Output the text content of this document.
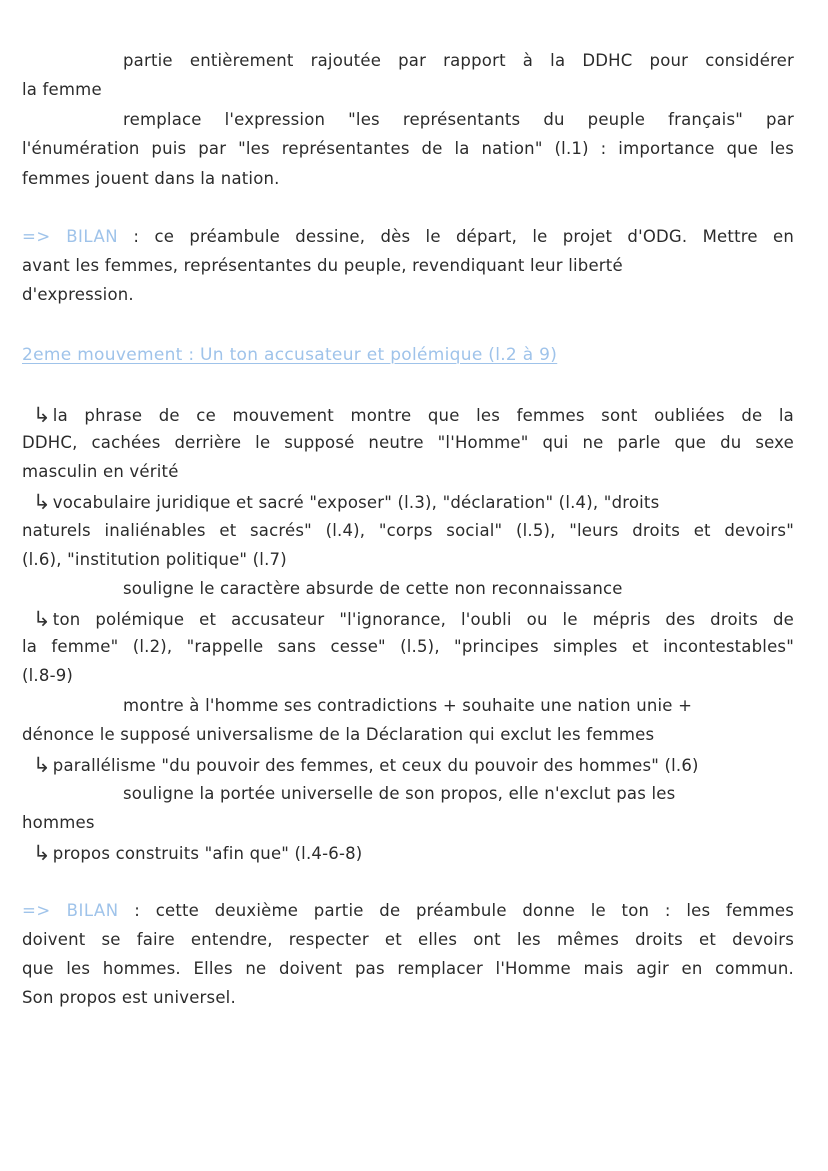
partie entièrement rajoutée par rapport à la DDHC pour considérer
la femme
remplace l'expression "les représentants du peuple français" par
l'énumération puis par "les représentantes de la nation" (l.1) : importance que les
femmes jouent dans la nation.
=> BILAN : ce préambule dessine, dès le départ, le projet d'ODG. Mettre en
avant les femmes, représentantes du peuple, revendiquant leur liberté
d'expression.
2eme mouvement : Un ton accusateur et polémique (l.2 à 9)
↳ la phrase de ce mouvement montre que les femmes sont oubliées de la
DDHC, cachées derrière le supposé neutre "l'Homme" qui ne parle que du sexe
masculin en vérité
↳ vocabulaire juridique et sacré "exposer" (l.3), "déclaration" (l.4), "droits
naturels inaliénables et sacrés" (l.4), "corps social" (l.5), "leurs droits et devoirs"
(l.6), "institution politique" (l.7)
souligne le caractère absurde de cette non reconnaissance
↳ ton polémique et accusateur "l'ignorance, l'oubli ou le mépris des droits de
la femme" (l.2), "rappelle sans cesse" (l.5), "principes simples et incontestables"
(l.8-9)
montre à l'homme ses contradictions + souhaite une nation unie +
dénonce le supposé universalisme de la Déclaration qui exclut les femmes
↳ parallélisme "du pouvoir des femmes, et ceux du pouvoir des hommes" (l.6)
souligne la portée universelle de son propos, elle n'exclut pas les
hommes
↳ propos construits "afin que" (l.4-6-8)
=> BILAN : cette deuxième partie de préambule donne le ton : les femmes
doivent se faire entendre, respecter et elles ont les mêmes droits et devoirs
que les hommes. Elles ne doivent pas remplacer l'Homme mais agir en commun.
Son propos est universel.
